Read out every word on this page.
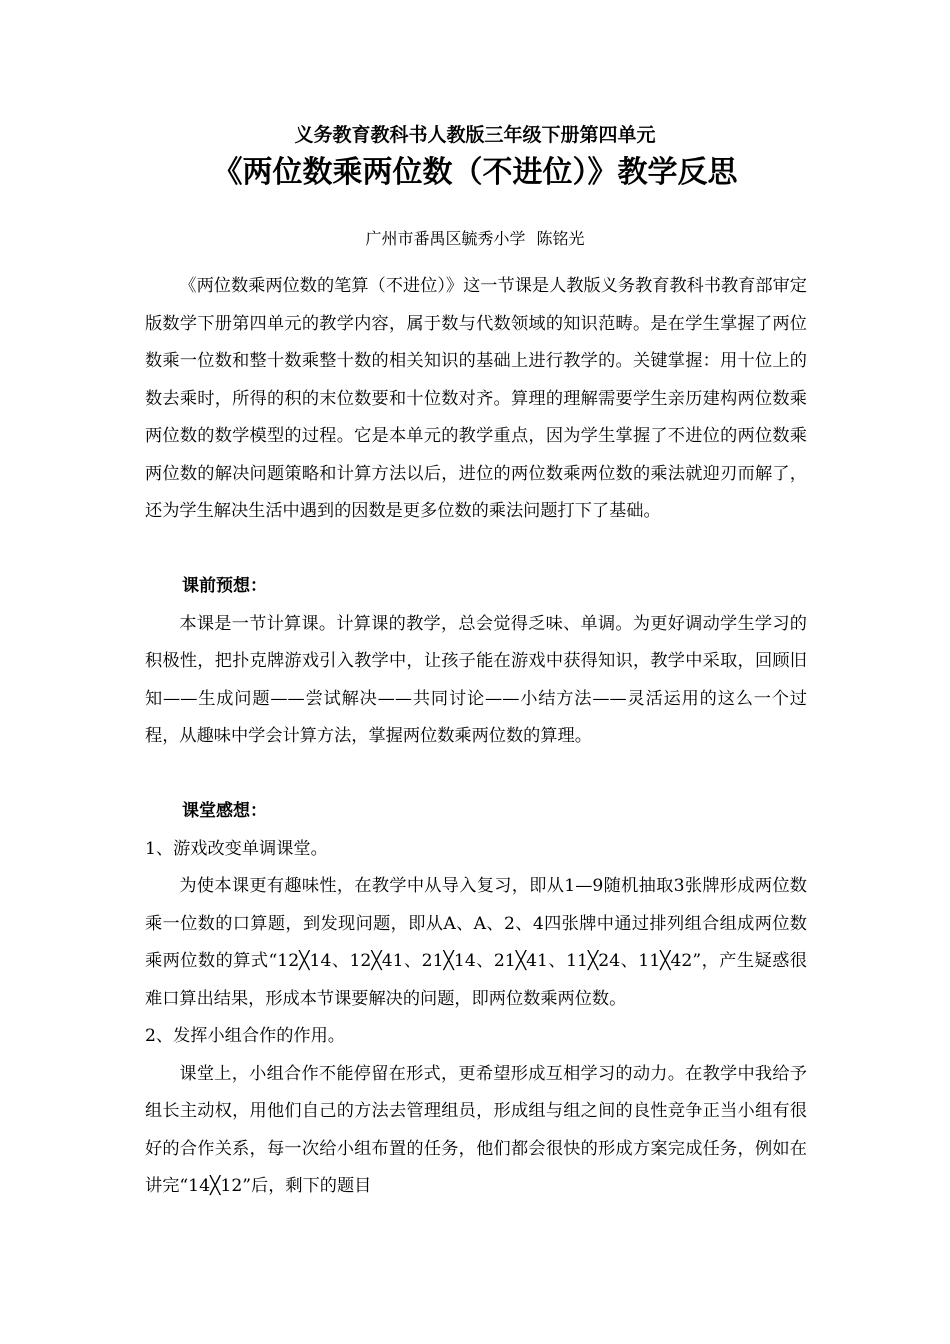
义务教育教科书人教版三年级下册第四单元
《两位数乘两位数（不进位）》教学反思
广州市番禺区毓秀小学 陈铭光

《两位数乘两位数的笔算（不进位）》这一节课是人教版义务教育教科书教育部审定版数学下册第四单元的教学内容，属于数与代数领域的知识范畴。是在学生掌握了两位数乘一位数和整十数乘整十数的相关知识的基础上进行教学的。关键掌握：用十位上的数去乘时，所得的积的末位数要和十位数对齐。算理的理解需要学生亲历建构两位数乘两位数的数学模型的过程。它是本单元的教学重点，因为学生掌握了不进位的两位数乘两位数的解决问题策略和计算方法以后，进位的两位数乘两位数的乘法就迎刃而解了，还为学生解决生活中遇到的因数是更多位数的乘法问题打下了基础。

课前预想：

本课是一节计算课。计算课的教学，总会觉得乏味、单调。为更好调动学生学习的积极性，把扑克牌游戏引入教学中，让孩子能在游戏中获得知识，教学中采取，回顾旧知——生成问题——尝试解决——共同讨论——小结方法——灵活运用的这么一个过程，从趣味中学会计算方法，掌握两位数乘两位数的算理。

课堂感想：

1、游戏改变单调课堂。

为使本课更有趣味性，在教学中从导入复习，即从1—9随机抽取3张牌形成两位数乘一位数的口算题，到发现问题，即从A、A、2、4四张牌中通过排列组合组成两位数乘两位数的算式“12╳14、12╳41、21╳14、21╳41、11╳24、11╳42”，产生疑惑很难口算出结果，形成本节课要解决的问题，即两位数乘两位数。

2、发挥小组合作的作用。

课堂上，小组合作不能停留在形式，更希望形成互相学习的动力。在教学中我给予组长主动权，用他们自己的方法去管理组员，形成组与组之间的良性竞争正当小组有很好的合作关系，每一次给小组布置的任务，他们都会很快的形成方案完成任务，例如在讲完“14╳12”后，剩下的题目
